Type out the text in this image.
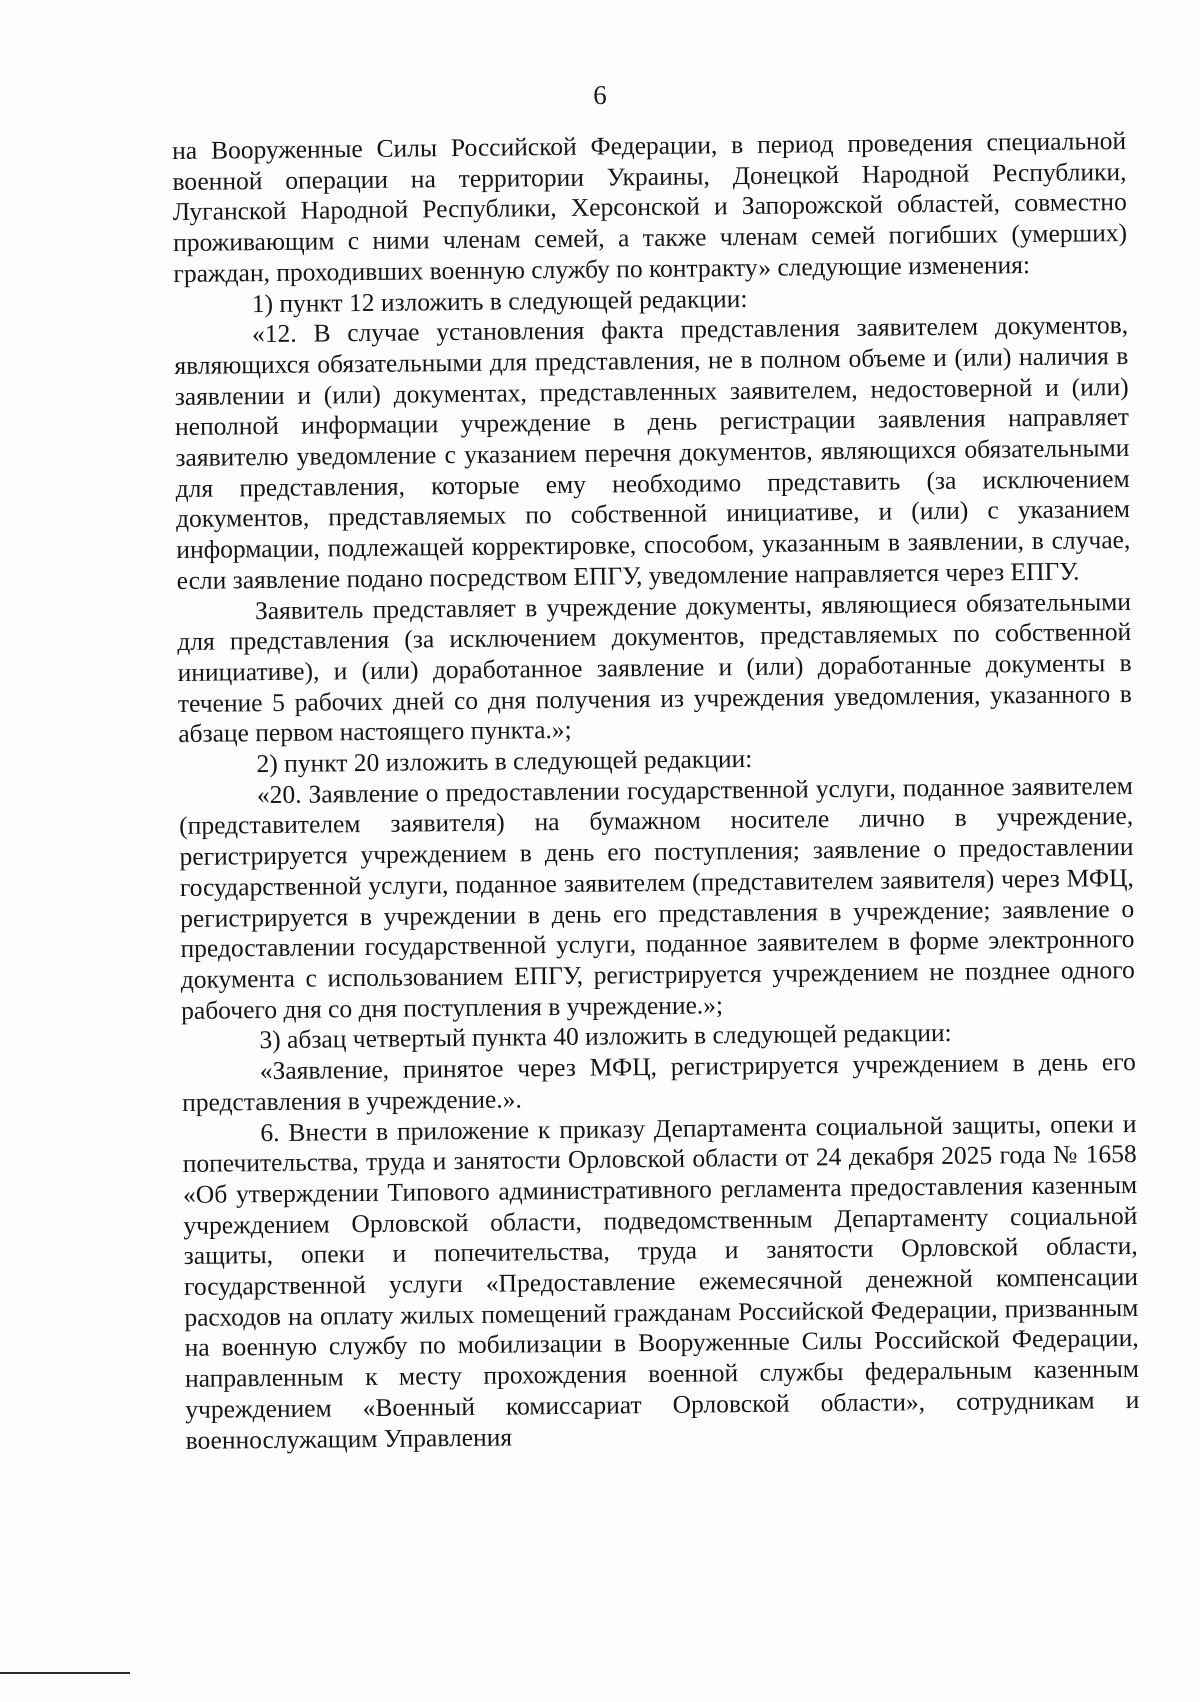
6

на Вооруженные Силы Российской Федерации, в период проведения специальной военной операции на территории Украины, Донецкой Народной Республики, Луганской Народной Республики, Херсонской и Запорожской областей, совместно проживающим с ними членам семей, а также членам семей погибших (умерших) граждан, проходивших военную службу по контракту» следующие изменения:

1) пункт 12 изложить в следующей редакции:

«12. В случае установления факта представления заявителем документов, являющихся обязательными для представления, не в полном объеме и (или) наличия в заявлении и (или) документах, представленных заявителем, недостоверной и (или) неполной информации учреждение в день регистрации заявления направляет заявителю уведомление с указанием перечня документов, являющихся обязательными для представления, которые ему необходимо представить (за исключением документов, представляемых по собственной инициативе, и (или) с указанием информации, подлежащей корректировке, способом, указанным в заявлении, в случае, если заявление подано посредством ЕПГУ, уведомление направляется через ЕПГУ.

Заявитель представляет в учреждение документы, являющиеся обязательными для представления (за исключением документов, представляемых по собственной инициативе), и (или) доработанное заявление и (или) доработанные документы в течение 5 рабочих дней со дня получения из учреждения уведомления, указанного в абзаце первом настоящего пункта.»;

2) пункт 20 изложить в следующей редакции:

«20. Заявление о предоставлении государственной услуги, поданное заявителем (представителем заявителя) на бумажном носителе лично в учреждение, регистрируется учреждением в день его поступления; заявление о предоставлении государственной услуги, поданное заявителем (представителем заявителя) через МФЦ, регистрируется в учреждении в день его представления в учреждение; заявление о предоставлении государственной услуги, поданное заявителем в форме электронного документа с использованием ЕПГУ, регистрируется учреждением не позднее одного рабочего дня со дня поступления в учреждение.»;

3) абзац четвертый пункта 40 изложить в следующей редакции:

«Заявление, принятое через МФЦ, регистрируется учреждением в день его представления в учреждение.».

6. Внести в приложение к приказу Департамента социальной защиты, опеки и попечительства, труда и занятости Орловской области от 24 декабря 2025 года № 1658 «Об утверждении Типового административного регламента предоставления казенным учреждением Орловской области, подведомственным Департаменту социальной защиты, опеки и попечительства, труда и занятости Орловской области, государственной услуги «Предоставление ежемесячной денежной компенсации расходов на оплату жилых помещений гражданам Российской Федерации, призванным на военную службу по мобилизации в Вооруженные Силы Российской Федерации, направленным к месту прохождения военной службы федеральным казенным учреждением «Военный комиссариат Орловской области», сотрудникам и военнослужащим Управления
